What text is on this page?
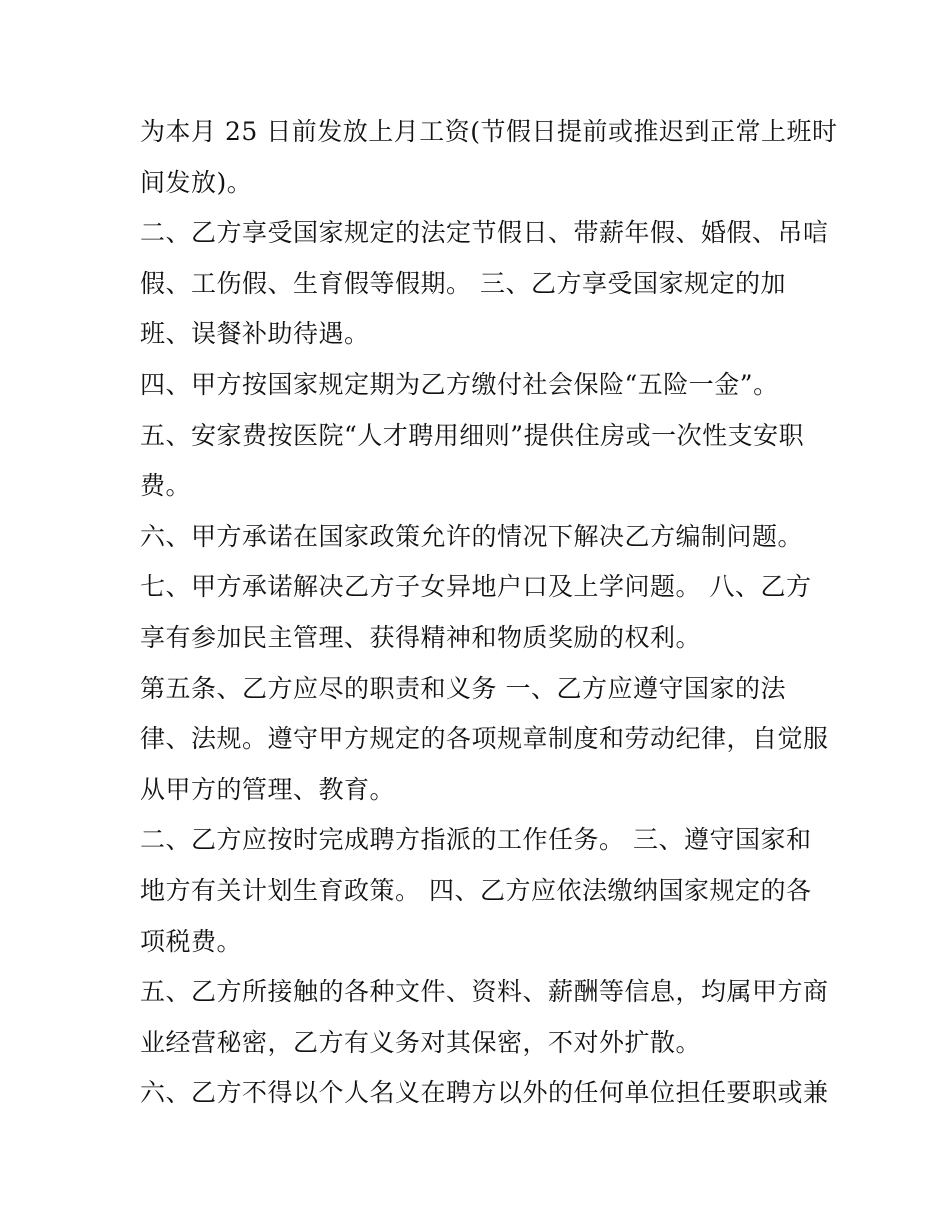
为本月 25 日前发放上月工资(节假日提前或推迟到正常上班时
间发放)。
二、乙方享受国家规定的法定节假日、带薪年假、婚假、吊唁
假、工伤假、生育假等假期。 三、乙方享受国家规定的加
班、误餐补助待遇。
四、甲方按国家规定期为乙方缴付社会保险“五险一金”。
五、安家费按医院“人才聘用细则”提供住房或一次性支安职
费。
六、甲方承诺在国家政策允许的情况下解决乙方编制问题。
七、甲方承诺解决乙方子女异地户口及上学问题。 八、乙方
享有参加民主管理、获得精神和物质奖励的权利。
第五条、乙方应尽的职责和义务 一、乙方应遵守国家的法
律、法规。遵守甲方规定的各项规章制度和劳动纪律，自觉服
从甲方的管理、教育。
二、乙方应按时完成聘方指派的工作任务。 三、遵守国家和
地方有关计划生育政策。 四、乙方应依法缴纳国家规定的各
项税费。
五、乙方所接触的各种文件、资料、薪酬等信息，均属甲方商
业经营秘密，乙方有义务对其保密，不对外扩散。
六、乙方不得以个人名义在聘方以外的任何单位担任要职或兼
